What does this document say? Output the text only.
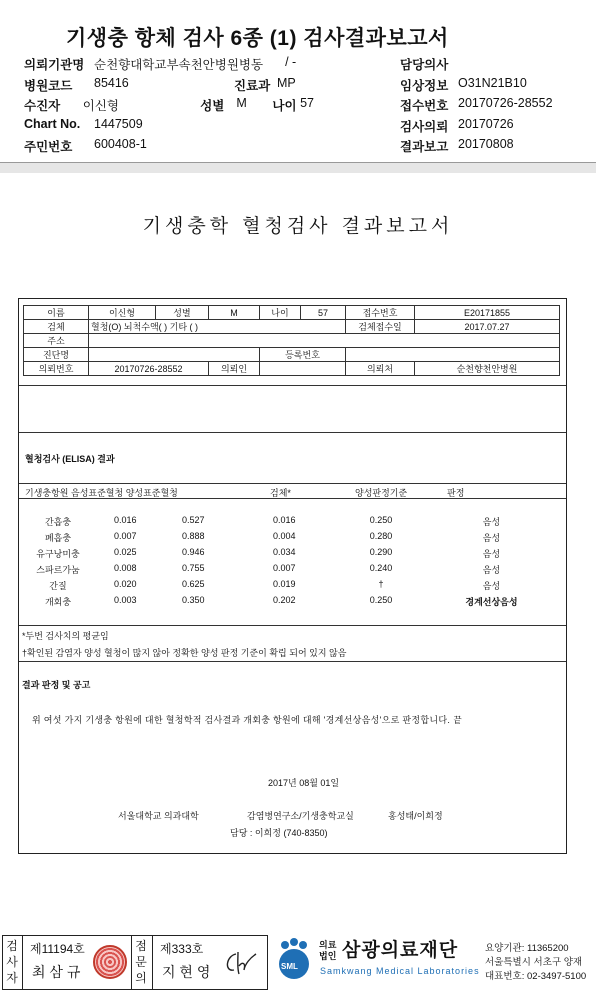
기생충 항체 검사 6종 (1) 검사결과보고서
의뢰기관명 순천향대학교부속천안병원병동 / -
병원코드	85416	진료과 MP
수진자	이신형	성별 M	나이 57
Chart No.	1447509
주민번호	600408-1
담당의사
임상정보 O31N21B10
접수번호 20170726-28552
검사의뢰 20170726
결과보고 20170808
기생충학 혈청검사 결과보고서
이름	이신형	성별	M	나이	57	접수번호	E20171855
검체	혈청(O) 뇌척수액( ) 기타 ( )					검체접수일	2017.07.27
주소							
진단명				등록번호			
의뢰번호	20170726-28552		의뢰인			의뢰처	순천향천안병원
혈청검사 (ELISA) 결과
기생충항원 음성표준혈청 양성표준혈청	검체*	양성판정기준	판정
간흡충	0.016	0.527	0.016	0.250	음성
폐흡충	0.007	0.888	0.004	0.280	음성
유구낭미충	0.025	0.946	0.034	0.290	음성
스파르가눔	0.008	0.755	0.007	0.240	음성
간질	0.020	0.625	0.019	†	음성
개회충	0.003	0.350	0.202	0.250	경계선상음성
*두번 검사치의 평균임
†확인된 감염자 양성 혈청이 많지 않아 정확한 양성 판정 기준이 확립 되어 있지 않음
결과 판정 및 공고
위 여섯 가지 기생충 항원에 대한 혈청학적 검사결과 개회충 항원에 대해 '경계선상음성'으로 판정합니다. 끝
2017년 08월 01일
서울대학교 의과대학	감염병연구소/기생충학교실	홍성태/이희정
담당 : 이희정 (740-8350)
검사자
제11194호
최 삼 규
점문의
제333호
지 현 영	SML
의료
법인 삼광의료재단
Samkwang Medical Laboratories
요양기관: 11365200
서울특별시 서초구 양재
대표번호: 02-3497-5100
